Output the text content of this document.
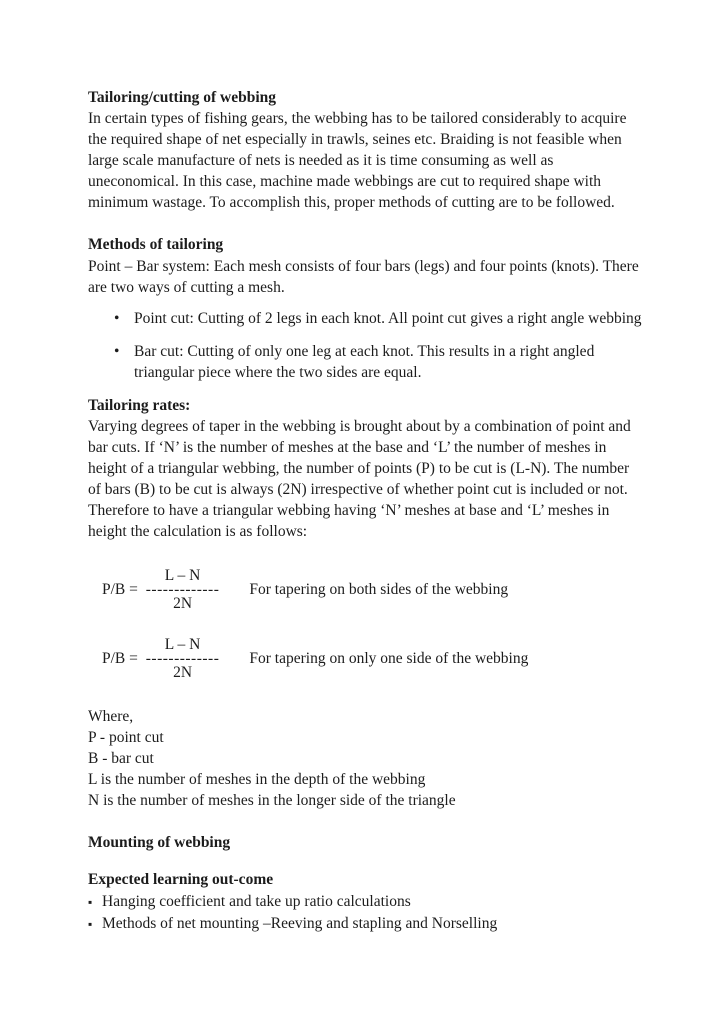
Tailoring/cutting of webbing

In certain types of fishing gears, the webbing has to be tailored considerably to acquire the required shape of net especially in trawls, seines etc. Braiding is not feasible when large scale manufacture of nets is needed as it is time consuming as well as uneconomical. In this case, machine made webbings are cut to required shape with minimum wastage. To accomplish this, proper methods of cutting are to be followed.

Methods of tailoring

Point – Bar system: Each mesh consists of four bars (legs) and four points (knots). There are two ways of cutting a mesh.

• Point cut: Cutting of 2 legs in each knot. All point cut gives a right angle webbing
• Bar cut: Cutting of only one leg at each knot. This results in a right angled triangular piece where the two sides are equal.
Tailoring rates:

Varying degrees of taper in the webbing is brought about by a combination of point and bar cuts. If ‘N’ is the number of meshes at the base and ‘L’ the number of meshes in height of a triangular webbing, the number of points (P) to be cut is (L-N). The number of bars (B) to be cut is always (2N) irrespective of whether point cut is included or not. Therefore to have a triangular webbing having ‘N’ meshes at base and ‘L’ meshes in height the calculation is as follows:

P/B =
L – N
-------------
2N
For tapering on both sides of the webbing
P/B =
L – N
-------------
2N
For tapering on only one side of the webbing

Where,

P - point cut

B - bar cut

L is the number of meshes in the depth of the webbing

N is the number of meshes in the longer side of the triangle

Mounting of webbing
Expected learning out-come
▪ Hanging coefficient and take up ratio calculations
▪ Methods of net mounting –Reeving and stapling and Norselling
